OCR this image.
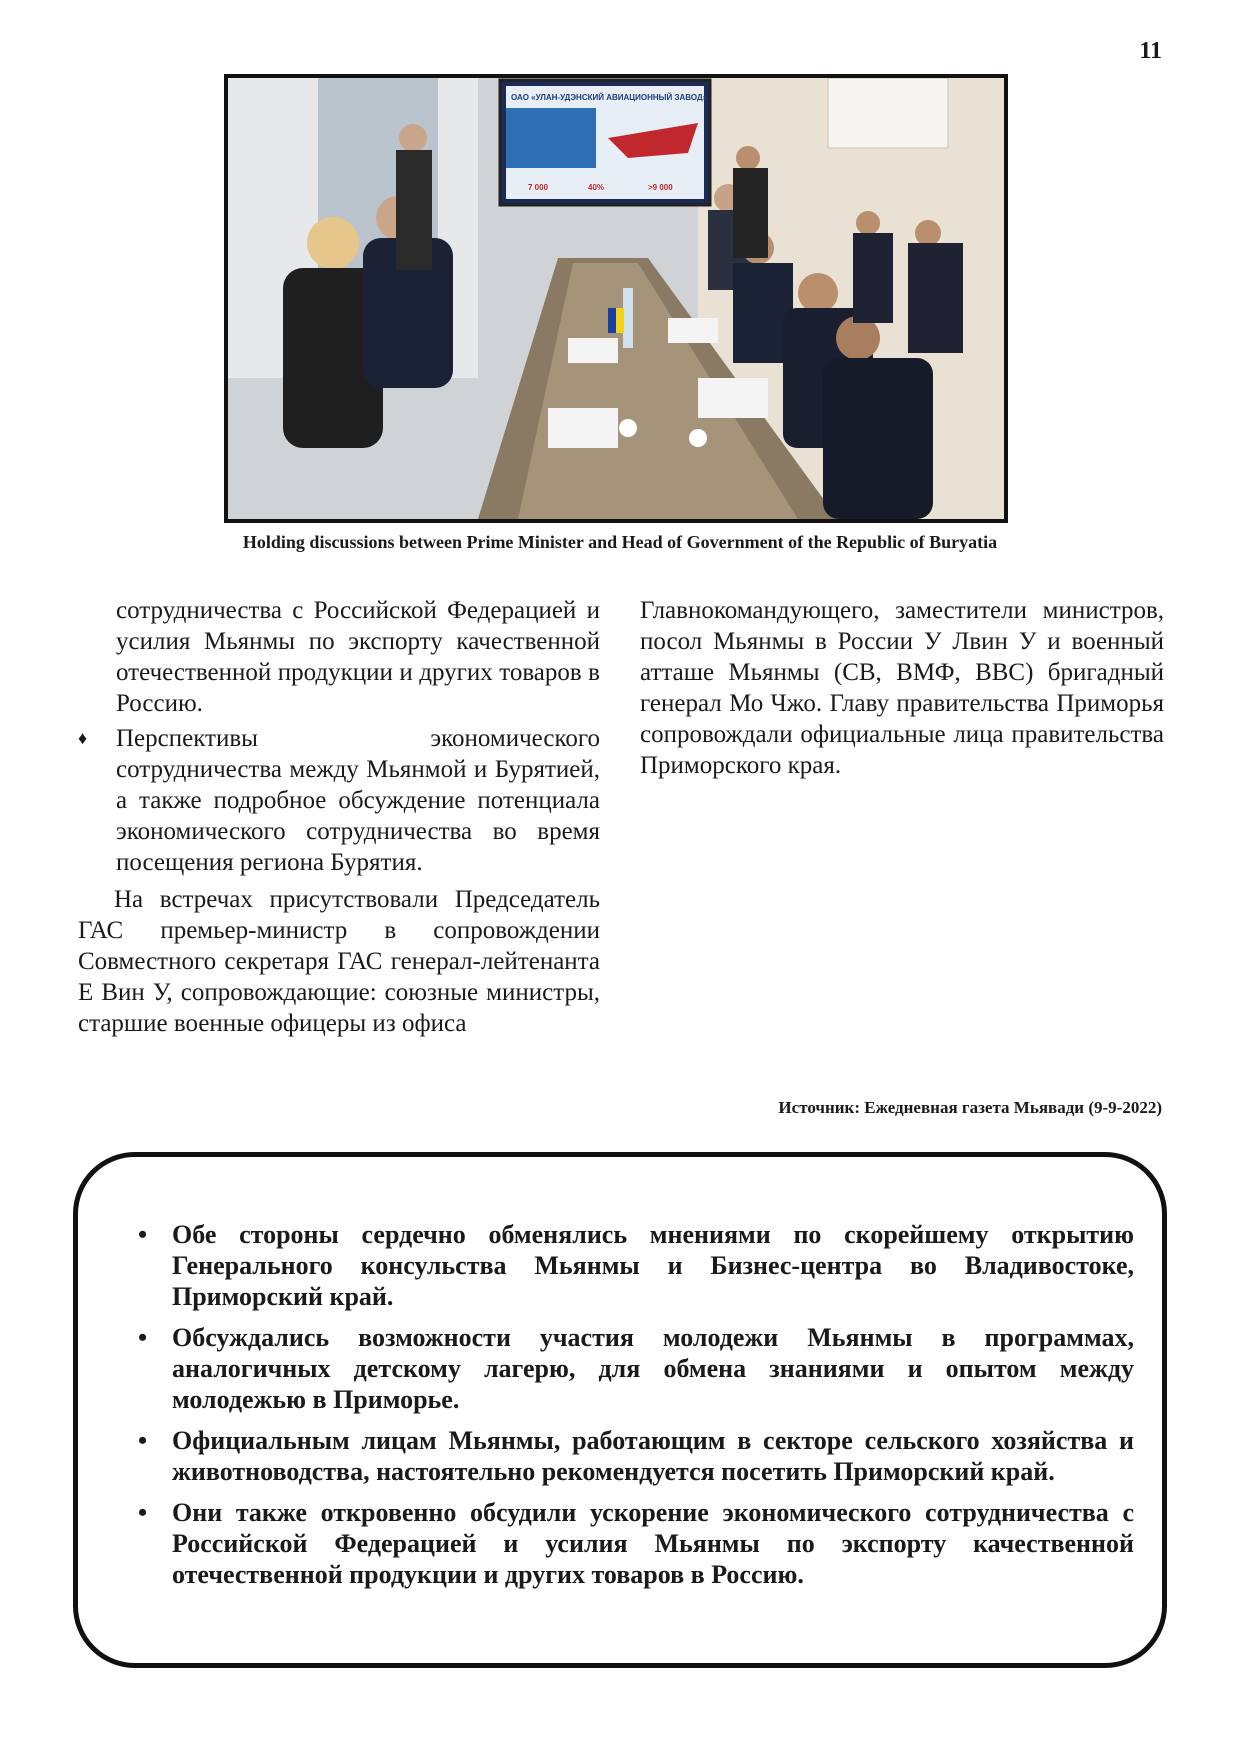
11
ОАО «УЛАН-УДЭНСКИЙ АВИАЦИОННЫЙ ЗАВОД»
7 000	40%	>9 000
Holding discussions between Prime Minister and Head of Government of the Republic of Buryatia

сотрудничества с Российской Федерацией и усилия Мьянмы по экспорту качественной отечественной продукции и других товаров в Россию.

♦ Перспективы экономического сотрудничества между Мьянмой и Бурятией, а также подробное обсуждение потенциала экономического сотрудничества во время посещения региона Бурятия.

На встречах присутствовали Председатель ГАС премьер-министр в сопровождении Совместного секретаря ГАС генерал-лейтенанта Е Вин У, сопровождающие: союзные министры, старшие военные офицеры из офиса

Главнокомандующего, заместители министров, посол Мьянмы в России У Лвин У и военный атташе Мьянмы (СВ, ВМФ, ВВС) бригадный генерал Мо Чжо. Главу правительства Приморья сопровождали официальные лица правительства Приморского края.

Источник: Ежедневная газета Мьявади (9-9-2022)
• Обе стороны сердечно обменялись мнениями по скорейшему открытию Генерального консульства Мьянмы и Бизнес-центра во Владивостоке, Приморский край.
• Обсуждались возможности участия молодежи Мьянмы в программах, аналогичных детскому лагерю, для обмена знаниями и опытом между молодежью в Приморье.
• Официальным лицам Мьянмы, работающим в секторе сельского хозяйства и животноводства, настоятельно рекомендуется посетить Приморский край.
• Они также откровенно обсудили ускорение экономического сотрудничества с Российской Федерацией и усилия Мьянмы по экспорту качественной отечественной продукции и других товаров в Россию.
